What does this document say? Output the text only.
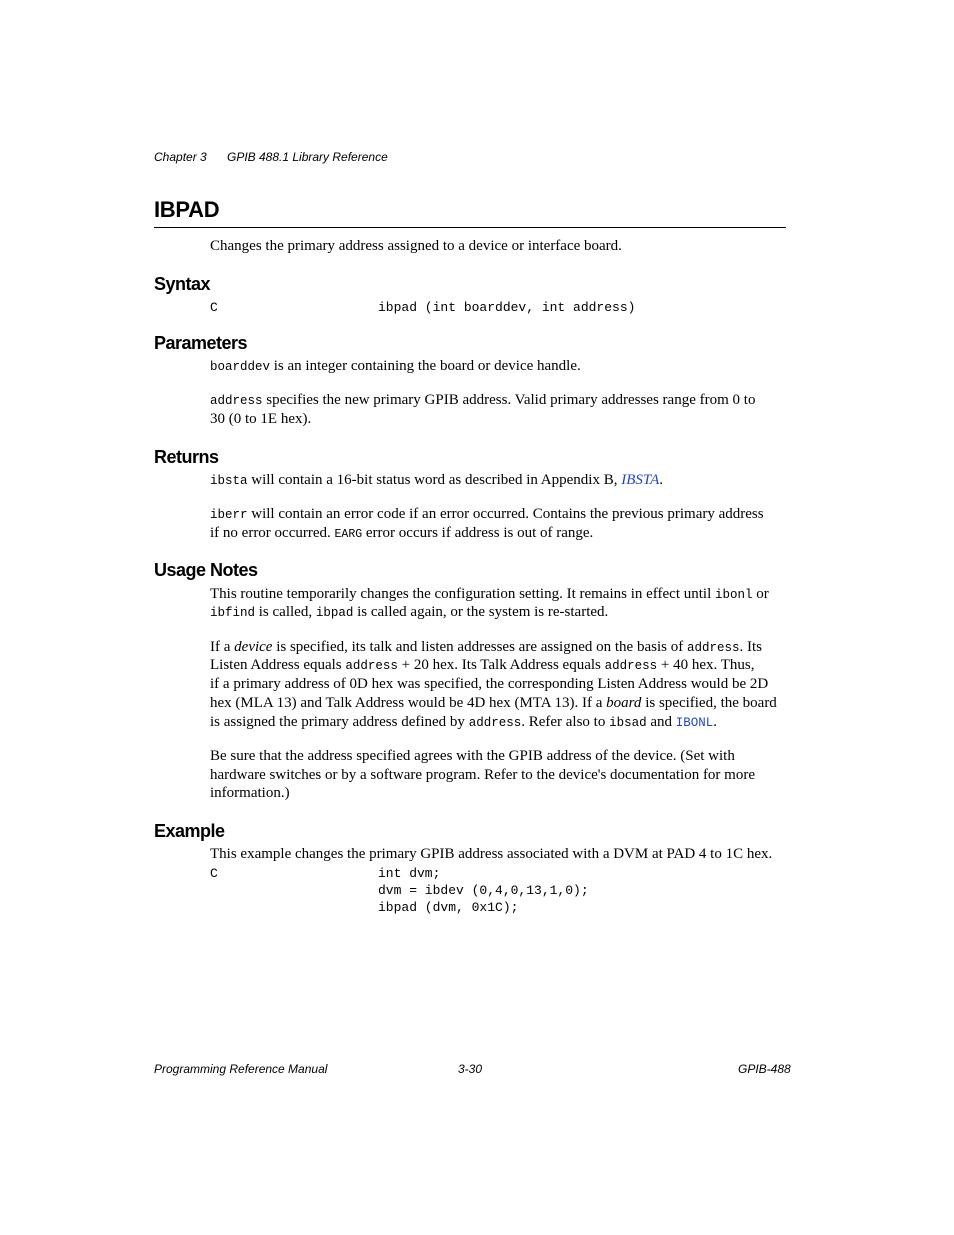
Chapter 3 GPIB 488.1 Library Reference
IBPAD
Changes the primary address assigned to a device or interface board.
Syntax
C	ibpad (int boarddev, int address)
Parameters
boarddev is an integer containing the board or device handle.
address specifies the new primary GPIB address. Valid primary addresses range from 0 to
30 (0 to 1E hex).
Returns
ibsta will contain a 16-bit status word as described in Appendix B, IBSTA.
iberr will contain an error code if an error occurred. Contains the previous primary address
if no error occurred. EARG error occurs if address is out of range.
Usage Notes
This routine temporarily changes the configuration setting. It remains in effect until ibonl or
ibfind is called, ibpad is called again, or the system is re-started.
If a device is specified, its talk and listen addresses are assigned on the basis of address. Its
Listen Address equals address + 20 hex. Its Talk Address equals address + 40 hex. Thus,
if a primary address of 0D hex was specified, the corresponding Listen Address would be 2D
hex (MLA 13) and Talk Address would be 4D hex (MTA 13). If a board is specified, the board
is assigned the primary address defined by address. Refer also to ibsad and IBONL.
Be sure that the address specified agrees with the GPIB address of the device. (Set with
hardware switches or by a software program. Refer to the device's documentation for more
information.)
Example
This example changes the primary GPIB address associated with a DVM at PAD 4 to 1C hex.
C	int dvm;
dvm = ibdev (0,4,0,13,1,0);
ibpad (dvm, 0x1C);
Programming Reference Manual	3-30	GPIB-488
